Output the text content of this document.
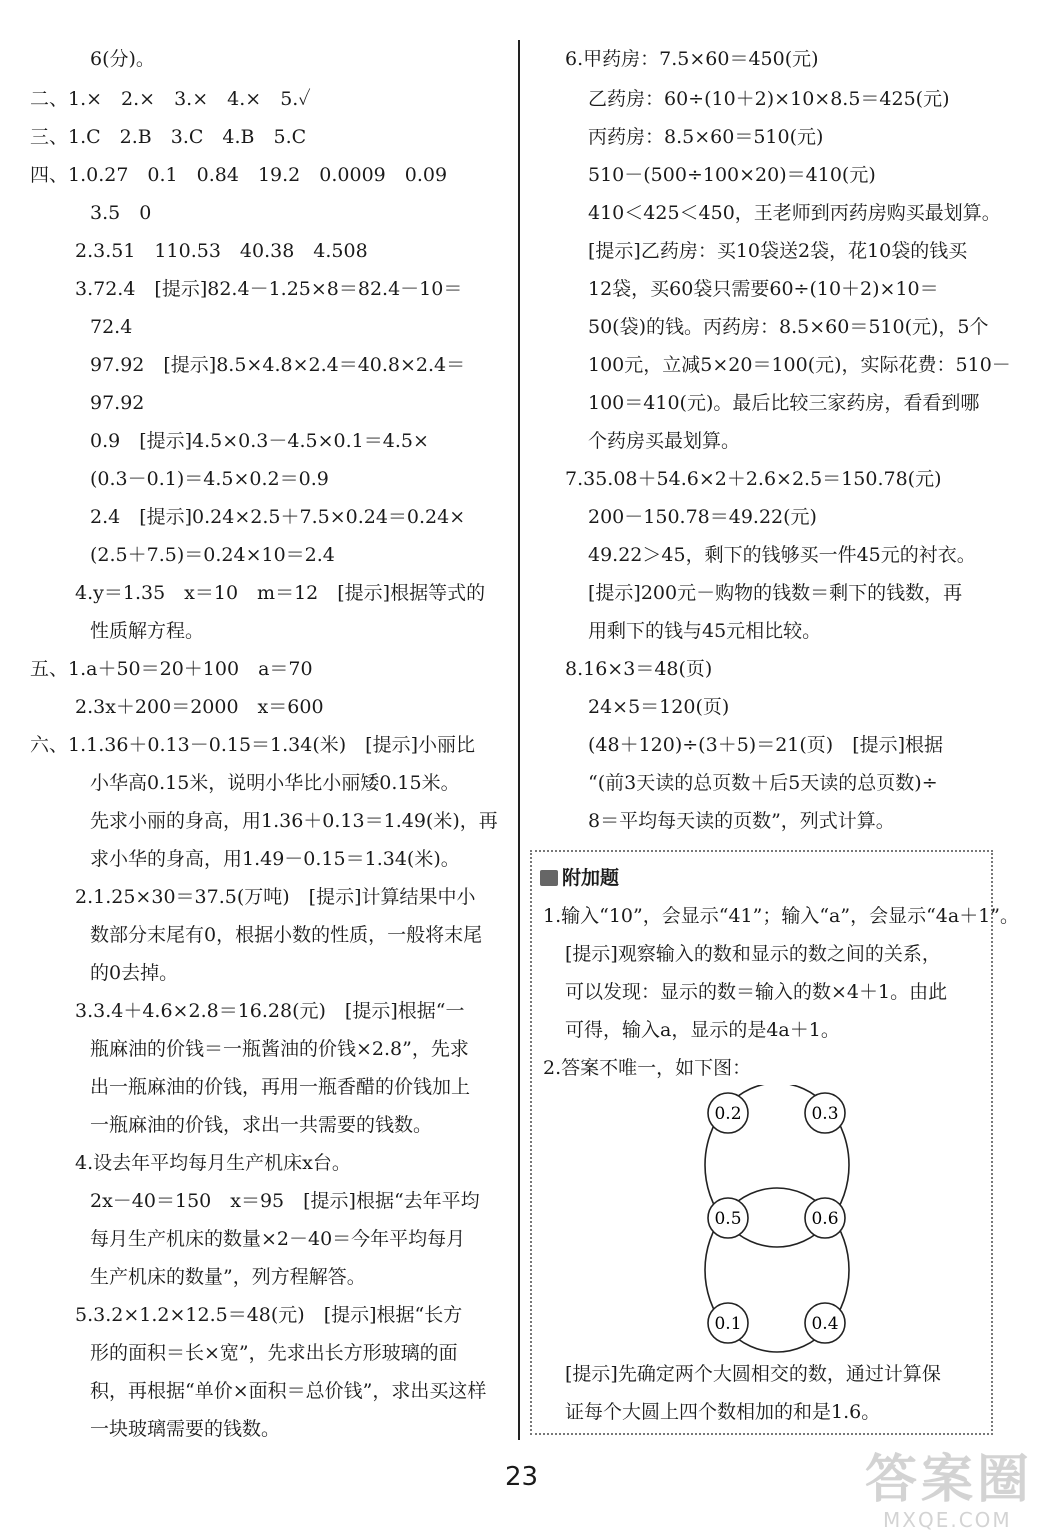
6(分)。
二、1.×　2.×　3.×　4.×　5.✓
三、1.C　2.B　3.C　4.B　5.C
四、1.0.27　0.1　0.84　19.2　0.0009　0.09
3.5　0
2.3.51　110.53　40.38　4.508
3.72.4　[提示]82.4－1.25×8＝82.4－10＝
72.4
97.92　[提示]8.5×4.8×2.4＝40.8×2.4＝
97.92
0.9　[提示]4.5×0.3－4.5×0.1＝4.5×
(0.3－0.1)＝4.5×0.2＝0.9
2.4　[提示]0.24×2.5＋7.5×0.24＝0.24×
(2.5＋7.5)＝0.24×10＝2.4
4.y＝1.35　x＝10　m＝12　[提示]根据等式的
性质解方程。
五、1.a＋50＝20＋100　a＝70
2.3x＋200＝2000　x＝600
六、1.1.36＋0.13－0.15＝1.34(米)　[提示]小丽比
小华高0.15米，说明小华比小丽矮0.15米。
先求小丽的身高，用1.36＋0.13＝1.49(米)，再
求小华的身高，用1.49－0.15＝1.34(米)。
2.1.25×30＝37.5(万吨)　[提示]计算结果中小
数部分末尾有0，根据小数的性质，一般将末尾
的0去掉。
3.3.4＋4.6×2.8＝16.28(元)　[提示]根据“一
瓶麻油的价钱＝一瓶酱油的价钱×2.8”，先求
出一瓶麻油的价钱，再用一瓶香醋的价钱加上
一瓶麻油的价钱，求出一共需要的钱数。
4.设去年平均每月生产机床x台。
2x－40＝150　x＝95　[提示]根据“去年平均
每月生产机床的数量×2－40＝今年平均每月
生产机床的数量”，列方程解答。
5.3.2×1.2×12.5＝48(元)　[提示]根据“长方
形的面积＝长×宽”，先求出长方形玻璃的面
积，再根据“单价×面积＝总价钱”，求出买这样
一块玻璃需要的钱数。
6.甲药房：7.5×60＝450(元)
乙药房：60÷(10＋2)×10×8.5＝425(元)
丙药房：8.5×60＝510(元)
510－(500÷100×20)＝410(元)
410＜425＜450，王老师到丙药房购买最划算。
[提示]乙药房：买10袋送2袋，花10袋的钱买
12袋，买60袋只需要60÷(10＋2)×10＝
50(袋)的钱。丙药房：8.5×60＝510(元)，5个
100元，立减5×20＝100(元)，实际花费：510－
100＝410(元)。最后比较三家药房，看看到哪
个药房买最划算。
7.35.08＋54.6×2＋2.6×2.5＝150.78(元)
200－150.78＝49.22(元)
49.22＞45，剩下的钱够买一件45元的衬衣。
[提示]200元－购物的钱数＝剩下的钱数，再
用剩下的钱与45元相比较。
8.16×3＝48(页)
24×5＝120(页)
(48＋120)÷(3＋5)＝21(页)　[提示]根据
“(前3天读的总页数＋后5天读的总页数)÷
8＝平均每天读的页数”，列式计算。
附加题
1.输入“10”，会显示“41”；输入“a”，会显示“4a＋1”。
[提示]观察输入的数和显示的数之间的关系，
可以发现：显示的数＝输入的数×4＋1。由此
可得，输入a，显示的是4a＋1。
2.答案不唯一，如下图：
0.2	0.3
0.5	0.6
0.1	0.4
[提示]先确定两个大圆相交的数，通过计算保
证每个大圆上四个数相加的和是1.6。
23	答案圈
MXQE.COM
